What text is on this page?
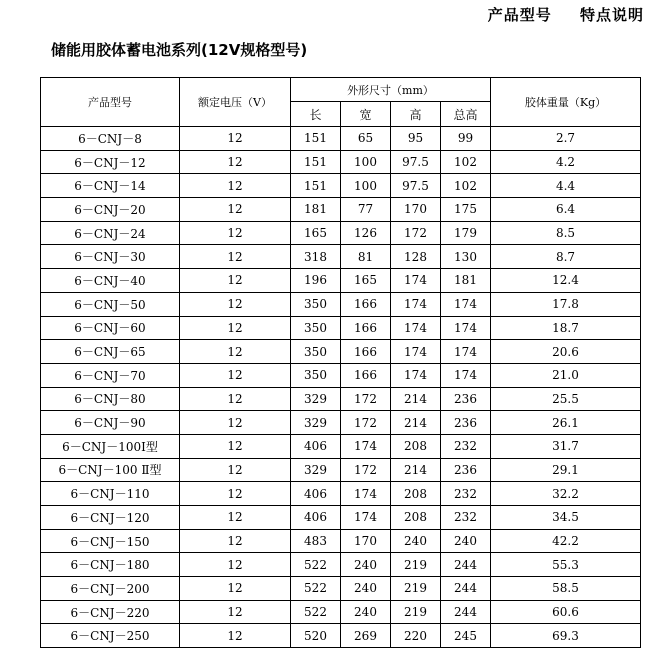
产品型号 特点说明
储能用胶体蓄电池系列(12V规格型号)
产品型号	额定电压（V）	外形尺寸（mm）				胶体重量（Kg）
		长	宽	高	总高	
6－CNJ－8	12	151	65	95	99	2.7
6－CNJ－12	12	151	100	97.5	102	4.2
6－CNJ－14	12	151	100	97.5	102	4.4
6－CNJ－20	12	181	77	170	175	6.4
6－CNJ－24	12	165	126	172	179	8.5
6－CNJ－30	12	318	81	128	130	8.7
6－CNJ－40	12	196	165	174	181	12.4
6－CNJ－50	12	350	166	174	174	17.8
6－CNJ－60	12	350	166	174	174	18.7
6－CNJ－65	12	350	166	174	174	20.6
6－CNJ－70	12	350	166	174	174	21.0
6－CNJ－80	12	329	172	214	236	25.5
6－CNJ－90	12	329	172	214	236	26.1
6－CNJ－100Ⅰ型	12	406	174	208	232	31.7
6－CNJ－100 Ⅱ型	12	329	172	214	236	29.1
6－CNJ－110	12	406	174	208	232	32.2
6－CNJ－120	12	406	174	208	232	34.5
6－CNJ－150	12	483	170	240	240	42.2
6－CNJ－180	12	522	240	219	244	55.3
6－CNJ－200	12	522	240	219	244	58.5
6－CNJ－220	12	522	240	219	244	60.6
6－CNJ－250	12	520	269	220	245	69.3
